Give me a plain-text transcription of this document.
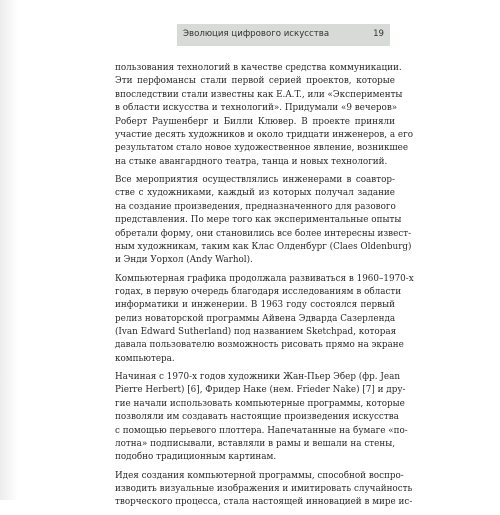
Эволюция цифрового искусства	19
пользования технологий в качестве средства коммуникации.
Эти перфомансы стали первой серией проектов, которые
впоследствии стали известны как E.A.T., или «Эксперименты
в области искусства и технологий». Придумали «9 вечеров»
Роберт Раушенберг и Билли Клювер. В проекте приняли
участие десять художников и около тридцати инженеров, а его
результатом стало новое художественное явление, возникшее
на стыке авангардного театра, танца и новых технологий.
Все мероприятия осуществлялись инженерами в соавтор-
стве с художниками, каждый из которых получал задание
на создание произведения, предназначенного для разового
представления. По мере того как экспериментальные опыты
обретали форму, они становились все более интересны извест-
ным художникам, таким как Клас Олденбург (Claes Oldenburg)
и Энди Уорхол (Andy Warhol).
Компьютерная графика продолжала развиваться в 1960–1970-х
годах, в первую очередь благодаря исследованиям в области
информатики и инженерии. В 1963 году состоялся первый
релиз новаторской программы Айвена Эдварда Сазерленда
(Ivan Edward Sutherland) под названием Sketchpad, которая
давала пользователю возможность рисовать прямо на экране
компьютера.
Начиная с 1970-х годов художники Жан-Пьер Эбер (фр. Jean
Pierre Herbert) [6], Фридер Наке (нем. Frieder Nake) [7] и дру-
гие начали использовать компьютерные программы, которые
позволяли им создавать настоящие произведения искусства
с помощью перьевого плоттера. Напечатанные на бумаге «по-
лотна» подписывали, вставляли в рамы и вешали на стены,
подобно традиционным картинам.
Идея создания компьютерной программы, способной воспро-
изводить визуальные изображения и имитировать случайность
творческого процесса, стала настоящей инновацией в мире ис-
